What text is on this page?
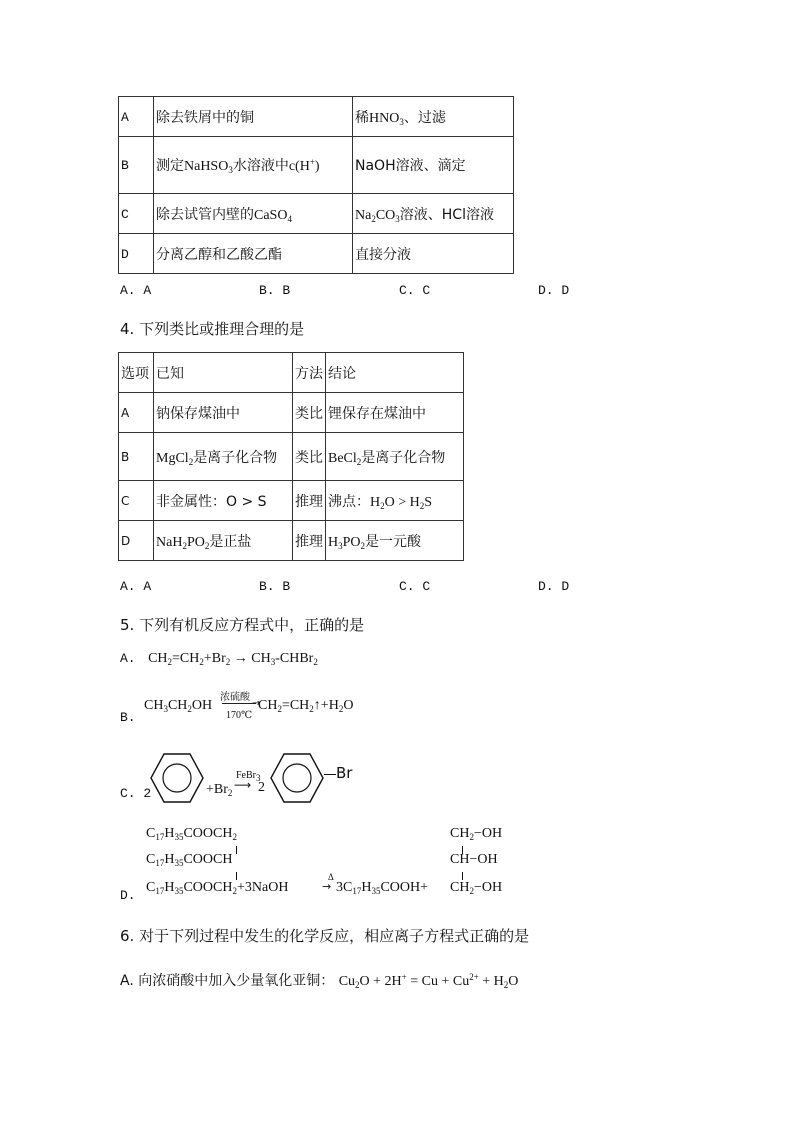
A	除去铁屑中的铜	稀$HNO_3$、过滤
B	测定NaHSO$_3$水溶液中c(H+)	NaOH溶液、滴定
C	除去试管内壁的CaSO$_4$	$Na_2CO_3$溶液、HCl溶液
D	分离乙醇和乙酸乙酯	直接分液
A. A	B. B	C. C	D. D
4. 下列类比或推理合理的是
选项	已知	方法	结论
A	钠保存煤油中	类比	锂保存在煤油中
B	MgCl$_2$是离子化合物	类比	BeCl$_2$是离子化合物
C	非金属性：O > S	推理	沸点：$H_2O > H_2S$
D	$NaH_2PO_2$是正盐	推理	$H_3PO_2$是一元酸
A. A	B. B	C. C	D. D
5. 下列有机反应方程式中，正确的是
A. $CH_2=CH_2+Br_2$ → $CH_3-CHBr_2$
B.
$CH_3CH_2OH$
浓硫酸
→
170℃
$CH_2=CH_2↑+H_2O$
C. 2	$+Br_2$
FeBr$_3$
⟶ 2
Br
$C_{17}H_{35}COOCH_2$
$C_{17}H_{35}COOCH$
D.
$C_{17}H_{35}COOCH_2+3NaOH$
Δ
→ $3C_{17}H_{35}COOH+$
$CH_2-OH$
CH−OH
$CH_2-OH$
6. 对于下列过程中发生的化学反应，相应离子方程式正确的是
A. 向浓硝酸中加入少量氧化亚铜： $Cu_2O + 2H^+ = Cu + Cu^{2+} + H_2O$
